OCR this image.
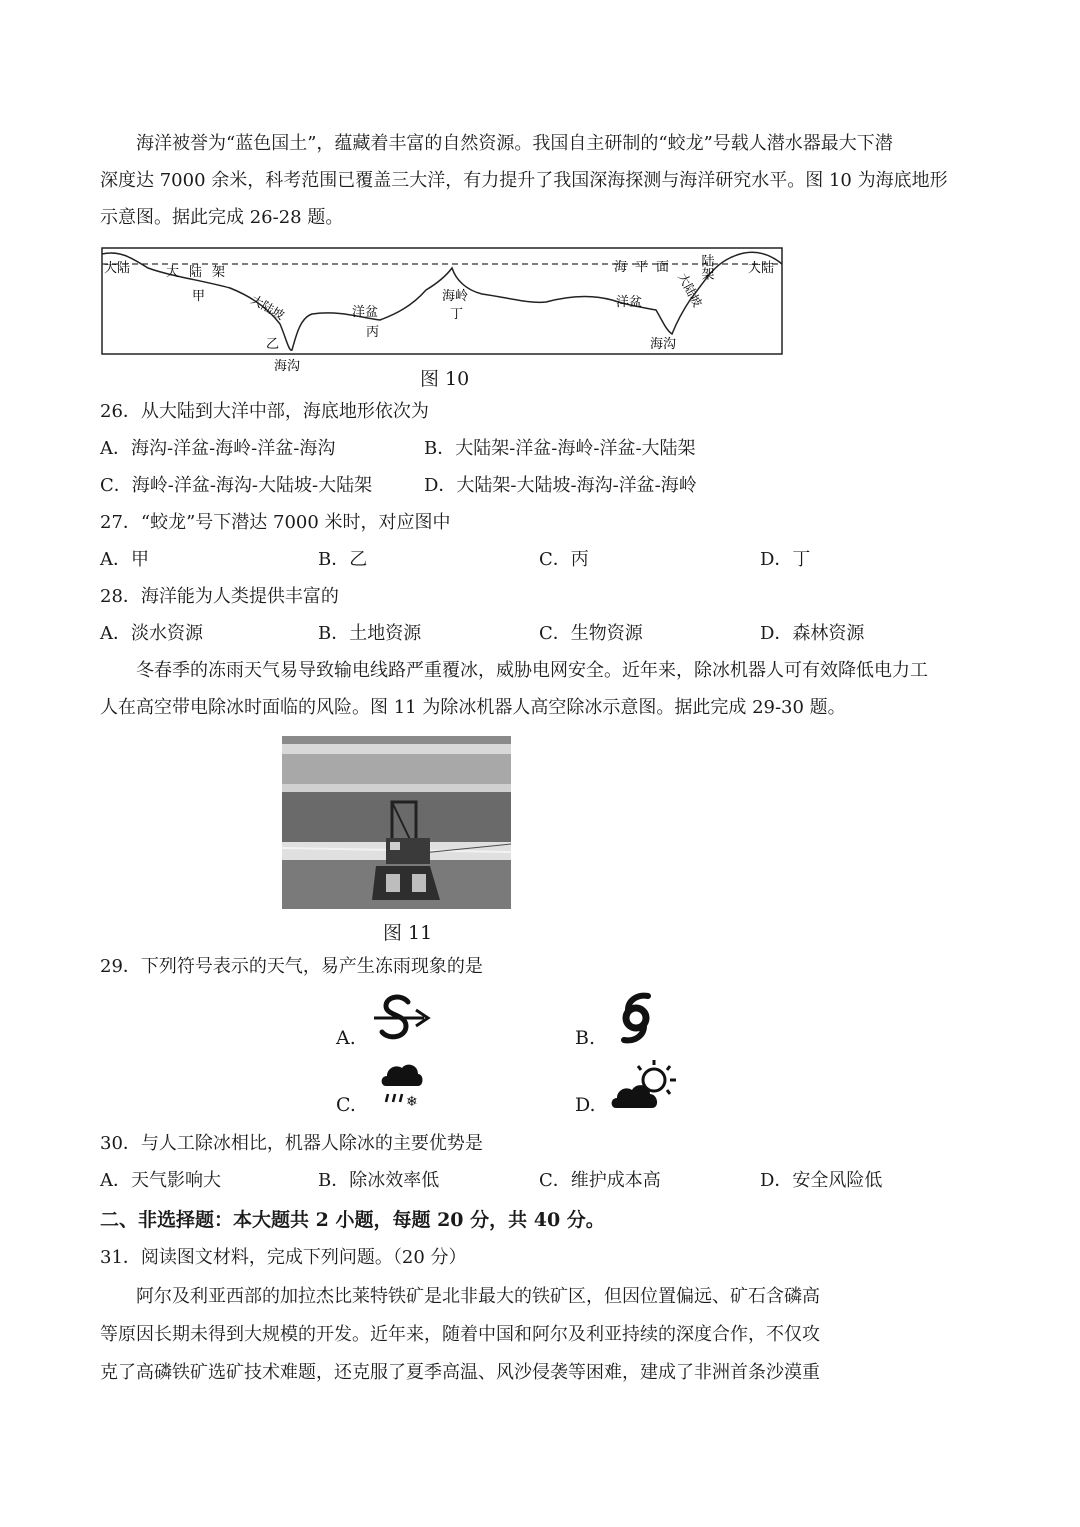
海洋被誉为“蓝色国土”，蕴藏着丰富的自然资源。我国自主研制的“蛟龙”号载人潜水器最大下潜
深度达 7000 余米，科考范围已覆盖三大洋，有力提升了我国深海探测与海洋研究水平。图 10 为海底地形
示意图。据此完成 26-28 题。
大陆	大陆架
甲	大陆坡
乙
洋盆
丙
海岭
丁
海平面
洋盆	大陆坡
陆架
海沟
大陆
海沟
图 10
26．从大陆到大洋中部，海底地形依次为
A．海沟-洋盆-海岭-洋盆-海沟	B．大陆架-洋盆-海岭-洋盆-大陆架
C．海岭-洋盆-海沟-大陆坡-大陆架	D．大陆架-大陆坡-海沟-洋盆-海岭
27．“蛟龙”号下潜达 7000 米时，对应图中
A．甲	B．乙	C．丙	D．丁
28．海洋能为人类提供丰富的
A．淡水资源	B．土地资源	C．生物资源	D．森林资源
冬春季的冻雨天气易导致输电线路严重覆冰，威胁电网安全。近年来，除冰机器人可有效降低电力工
人在高空带电除冰时面临的风险。图 11 为除冰机器人高空除冰示意图。据此完成 29-30 题。
图 11
29．下列符号表示的天气，易产生冻雨现象的是
A.	B.
C.	❄	D.
30．与人工除冰相比，机器人除冰的主要优势是
A．天气影响大	B．除冰效率低	C．维护成本高	D．安全风险低
二、非选择题：本大题共 2 小题，每题 20 分，共 40 分。
31．阅读图文材料，完成下列问题。（20 分）
阿尔及利亚西部的加拉杰比莱特铁矿是北非最大的铁矿区，但因位置偏远、矿石含磷高
等原因长期未得到大规模的开发。近年来，随着中国和阿尔及利亚持续的深度合作，不仅攻
克了高磷铁矿选矿技术难题，还克服了夏季高温、风沙侵袭等困难，建成了非洲首条沙漠重
